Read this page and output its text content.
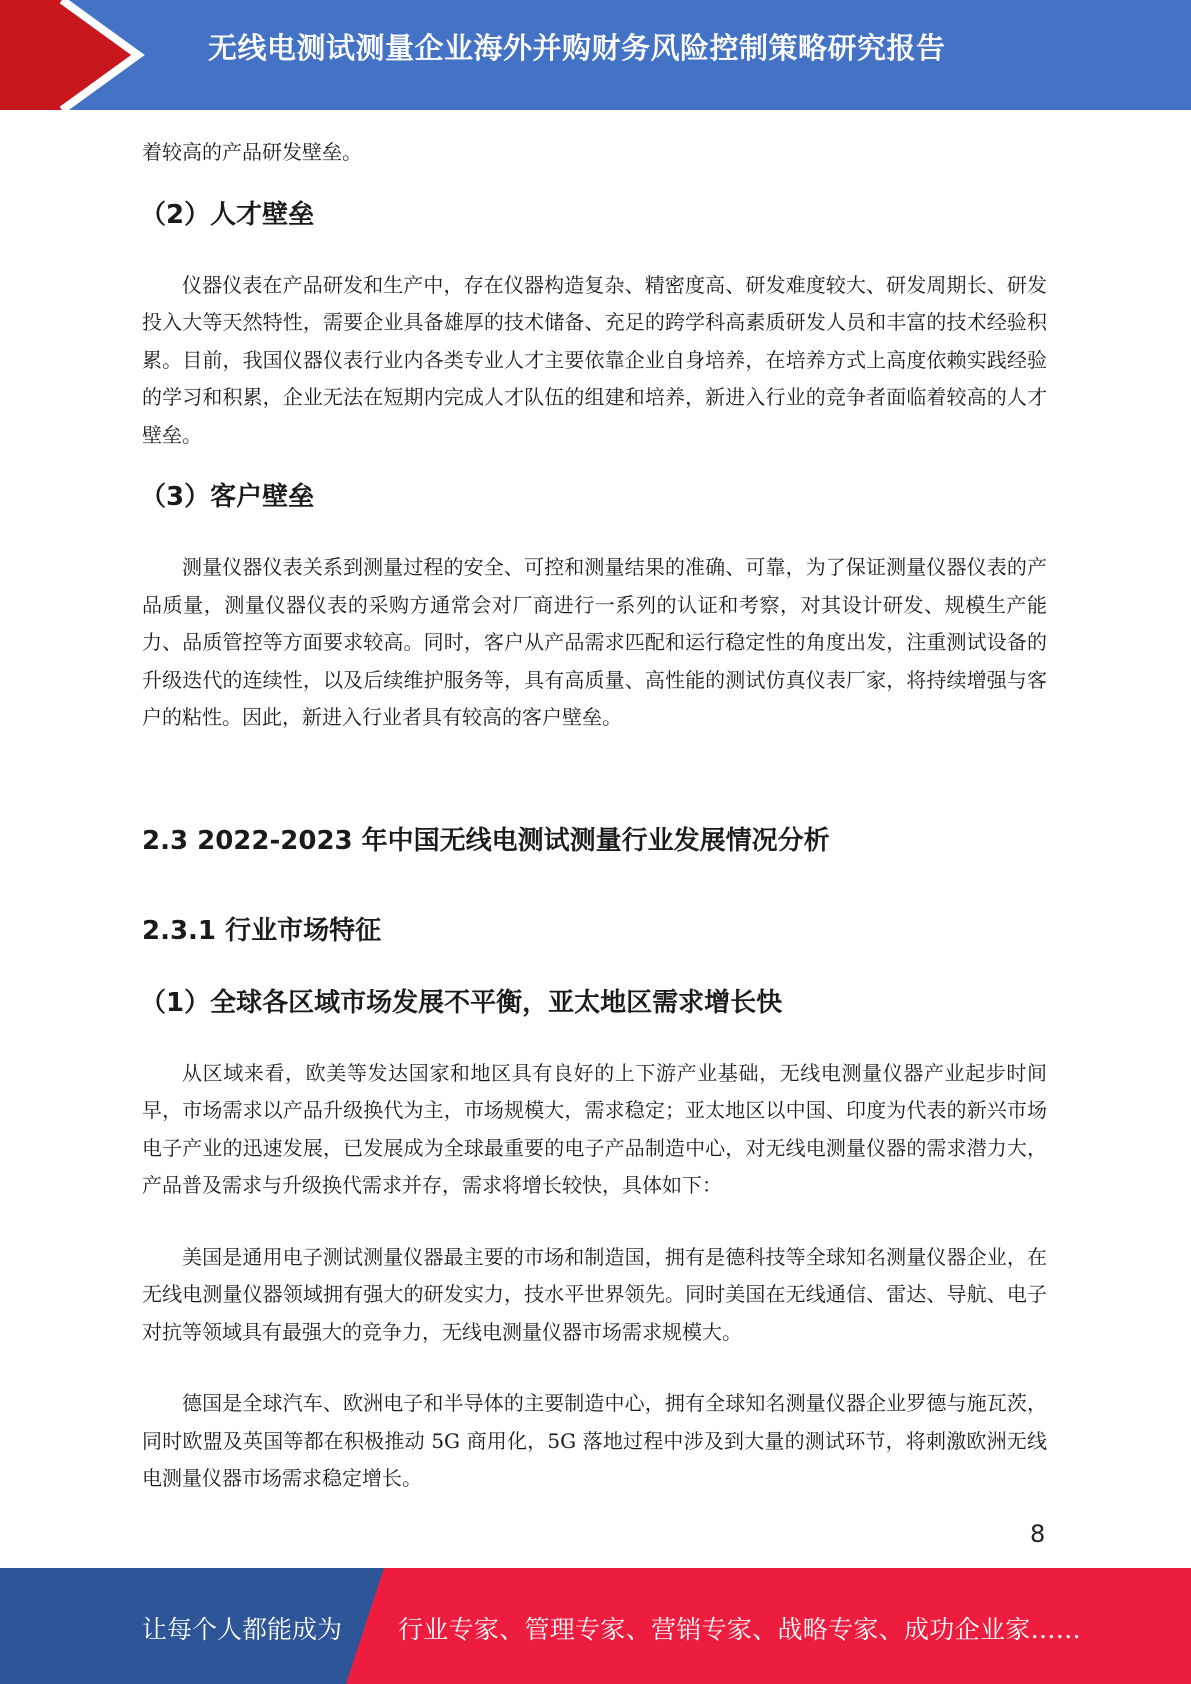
无线电测试测量企业海外并购财务风险控制策略研究报告

着较高的产品研发壁垒。

（2）人才壁垒

仪器仪表在产品研发和生产中，存在仪器构造复杂、精密度高、研发难度较大、研发周期长、研发投入大等天然特性，需要企业具备雄厚的技术储备、充足的跨学科高素质研发人员和丰富的技术经验积累。目前，我国仪器仪表行业内各类专业人才主要依靠企业自身培养，在培养方式上高度依赖实践经验的学习和积累，企业无法在短期内完成人才队伍的组建和培养，新进入行业的竞争者面临着较高的人才壁垒。

（3）客户壁垒

测量仪器仪表关系到测量过程的安全、可控和测量结果的准确、可靠，为了保证测量仪器仪表的产品质量，测量仪器仪表的采购方通常会对厂商进行一系列的认证和考察，对其设计研发、规模生产能力、品质管控等方面要求较高。同时，客户从产品需求匹配和运行稳定性的角度出发，注重测试设备的升级迭代的连续性，以及后续维护服务等，具有高质量、高性能的测试仿真仪表厂家，将持续增强与客户的粘性。因此，新进入行业者具有较高的客户壁垒。

2.3 2022-2023 年中国无线电测试测量行业发展情况分析
2.3.1 行业市场特征
（1）全球各区域市场发展不平衡，亚太地区需求增长快

从区域来看，欧美等发达国家和地区具有良好的上下游产业基础，无线电测量仪器产业起步时间早，市场需求以产品升级换代为主，市场规模大，需求稳定；亚太地区以中国、印度为代表的新兴市场电子产业的迅速发展，已发展成为全球最重要的电子产品制造中心，对无线电测量仪器的需求潜力大，产品普及需求与升级换代需求并存，需求将增长较快，具体如下：

美国是通用电子测试测量仪器最主要的市场和制造国，拥有是德科技等全球知名测量仪器企业，在无线电测量仪器领域拥有强大的研发实力，技水平世界领先。同时美国在无线通信、雷达、导航、电子对抗等领域具有最强大的竞争力，无线电测量仪器市场需求规模大。

德国是全球汽车、欧洲电子和半导体的主要制造中心，拥有全球知名测量仪器企业罗德与施瓦茨，同时欧盟及英国等都在积极推动 5G 商用化，5G 落地过程中涉及到大量的测试环节，将刺激欧洲无线电测量仪器市场需求稳定增长。

8
让每个人都能成为 行业专家、管理专家、营销专家、战略专家、成功企业家……
